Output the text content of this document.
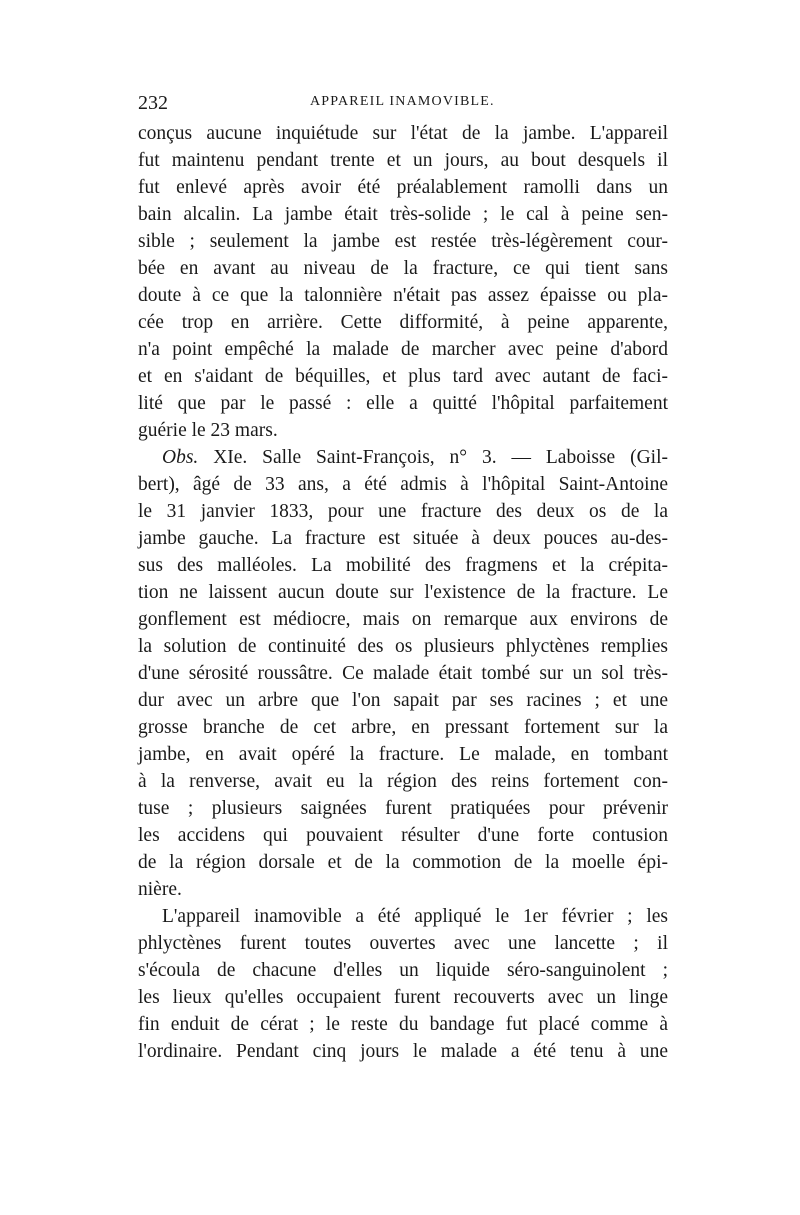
232	APPAREIL INAMOVIBLE.
conçus aucune inquiétude sur l'état de la jambe. L'appareil
fut maintenu pendant trente et un jours, au bout desquels il
fut enlevé après avoir été préalablement ramolli dans un
bain alcalin. La jambe était très-solide ; le cal à peine sen-
sible ; seulement la jambe est restée très-légèrement cour-
bée en avant au niveau de la fracture, ce qui tient sans
doute à ce que la talonnière n'était pas assez épaisse ou pla-
cée trop en arrière. Cette difformité, à peine apparente,
n'a point empêché la malade de marcher avec peine d'abord
et en s'aidant de béquilles, et plus tard avec autant de faci-
lité que par le passé : elle a quitté l'hôpital parfaitement
guérie le 23 mars.
Obs. XIe. Salle Saint-François, n° 3. — Laboisse (Gil-
bert), âgé de 33 ans, a été admis à l'hôpital Saint-Antoine
le 31 janvier 1833, pour une fracture des deux os de la
jambe gauche. La fracture est située à deux pouces au-des-
sus des malléoles. La mobilité des fragmens et la crépita-
tion ne laissent aucun doute sur l'existence de la fracture. Le
gonflement est médiocre, mais on remarque aux environs de
la solution de continuité des os plusieurs phlyctènes remplies
d'une sérosité roussâtre. Ce malade était tombé sur un sol très-
dur avec un arbre que l'on sapait par ses racines ; et une
grosse branche de cet arbre, en pressant fortement sur la
jambe, en avait opéré la fracture. Le malade, en tombant
à la renverse, avait eu la région des reins fortement con-
tuse ; plusieurs saignées furent pratiquées pour prévenir
les accidens qui pouvaient résulter d'une forte contusion
de la région dorsale et de la commotion de la moelle épi-
nière.
L'appareil inamovible a été appliqué le 1er février ; les
phlyctènes furent toutes ouvertes avec une lancette ; il
s'écoula de chacune d'elles un liquide séro-sanguinolent ;
les lieux qu'elles occupaient furent recouverts avec un linge
fin enduit de cérat ; le reste du bandage fut placé comme à
l'ordinaire. Pendant cinq jours le malade a été tenu à une
